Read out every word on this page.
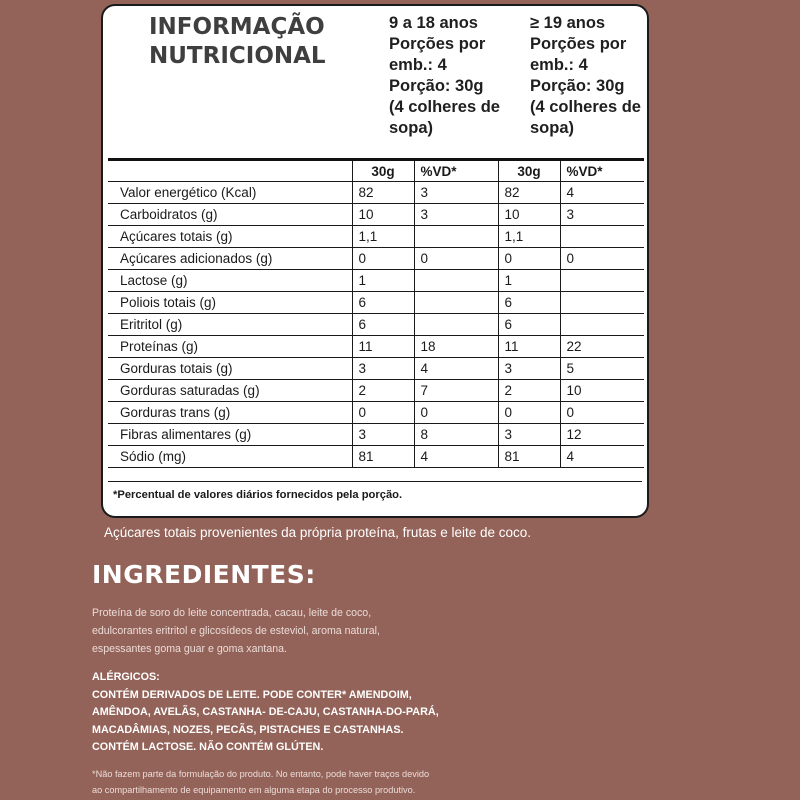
INFORMAÇÃO
NUTRICIONAL
9 a 18 anos
Porções por
emb.: 4
Porção: 30g
(4 colheres de
sopa)
≥ 19 anos
Porções por
emb.: 4
Porção: 30g
(4 colheres de
sopa)
	30g	%VD*	30g	%VD*
Valor energético (Kcal)	82	3	82	4
Carboidratos (g)	10	3	10	3
Açúcares totais (g)	1,1		1,1	
Açúcares adicionados (g)	0	0	0	0
Lactose (g)	1		1	
Poliois totais (g)	6		6	
Eritritol (g)	6		6	
Proteínas (g)	11	18	11	22
Gorduras totais (g)	3	4	3	5
Gorduras saturadas (g)	2	7	2	10
Gorduras trans (g)	0	0	0	0
Fibras alimentares (g)	3	8	3	12
Sódio (mg)	81	4	81	4
*Percentual de valores diários fornecidos pela porção.
Açúcares totais provenientes da própria proteína, frutas e leite de coco.
INGREDIENTES:
Proteína de soro do leite concentrada, cacau, leite de coco,
edulcorantes eritritol e glicosídeos de esteviol, aroma natural,
espessantes goma guar e goma xantana.
ALÉRGICOS:
CONTÉM DERIVADOS DE LEITE. PODE CONTER* AMENDOIM,
AMÊNDOA, AVELÃS, CASTANHA- DE-CAJU, CASTANHA-DO-PARÁ,
MACADÂMIAS, NOZES, PECÃS, PISTACHES E CASTANHAS.
CONTÉM LACTOSE. NÃO CONTÉM GLÚTEN.
*Não fazem parte da formulação do produto. No entanto, pode haver traços devido
ao compartilhamento de equipamento em alguma etapa do processo produtivo.
